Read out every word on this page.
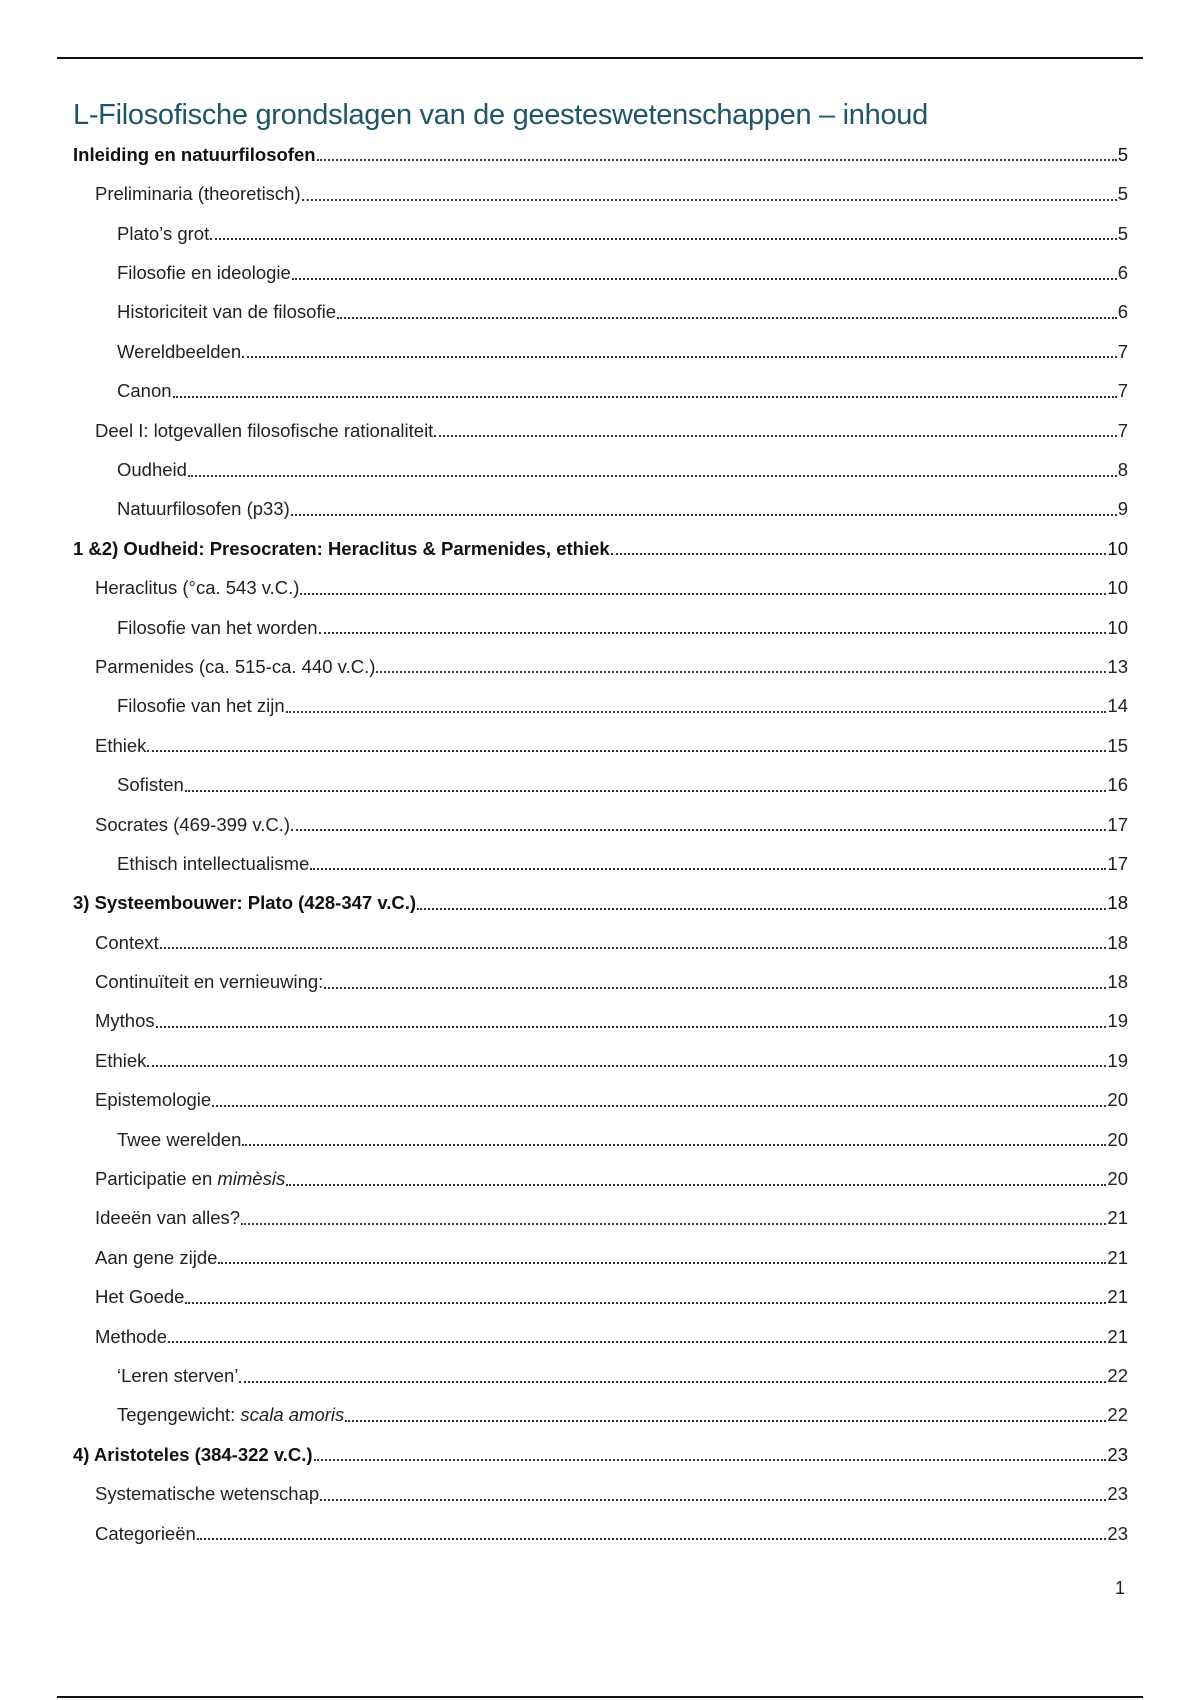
L-Filosofische grondslagen van de geesteswetenschappen – inhoud
Inleiding en natuurfilosofen	5
Preliminaria (theoretisch)	5
Plato’s grot	5
Filosofie en ideologie	6
Historiciteit van de filosofie	6
Wereldbeelden	7
Canon	7
Deel I: lotgevallen filosofische rationaliteit	7
Oudheid	8
Natuurfilosofen (p33)	9
1 &2) Oudheid: Presocraten: Heraclitus & Parmenides, ethiek	10
Heraclitus (°ca. 543 v.C.)	10
Filosofie van het worden	10
Parmenides (ca. 515-ca. 440 v.C.)	13
Filosofie van het zijn	14
Ethiek	15
Sofisten	16
Socrates (469-399 v.C.)	17
Ethisch intellectualisme	17
3) Systeembouwer: Plato (428-347 v.C.)	18
Context	18
Continuïteit en vernieuwing:	18
Mythos	19
Ethiek	19
Epistemologie	20
Twee werelden	20
Participatie en mimèsis	20
Ideeën van alles?	21
Aan gene zijde	21
Het Goede	21
Methode	21
‘Leren sterven’	22
Tegengewicht: scala amoris	22
4) Aristoteles (384-322 v.C.)	23
Systematische wetenschap	23
Categorieën	23
1
